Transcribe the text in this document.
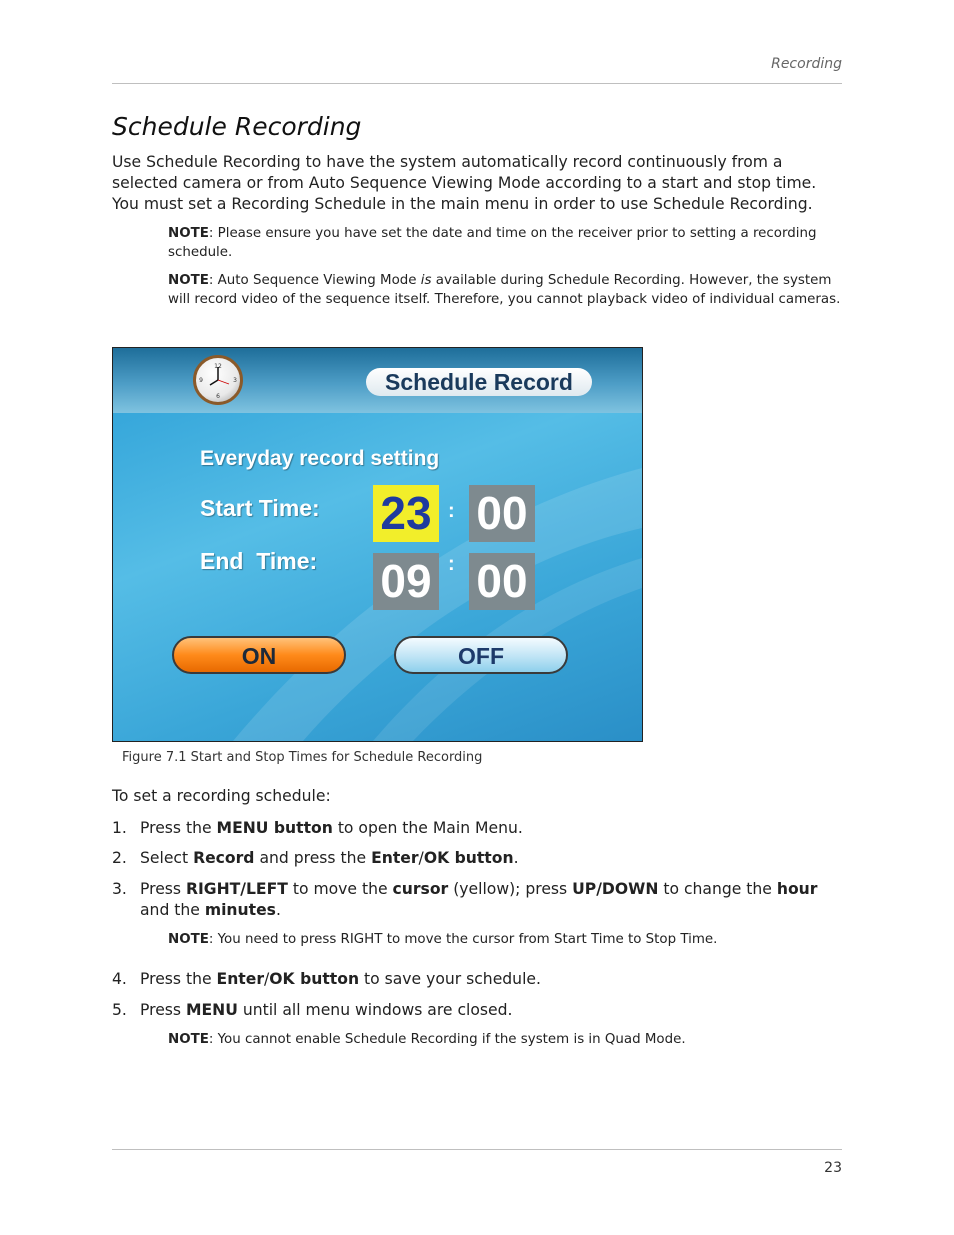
Recording
Schedule Recording
Use Schedule Recording to have the system automatically record continuously from a selected camera or from Auto Sequence Viewing Mode according to a start and stop time. You must set a Recording Schedule in the main menu in order to use Schedule Recording.
NOTE: Please ensure you have set the date and time on the receiver prior to setting a recording schedule.
NOTE: Auto Sequence Viewing Mode is available during Schedule Recording. However, the system will record video of the sequence itself. Therefore, you cannot playback video of individual cameras.
12
3
6
9	Schedule Record
Everyday record setting
Start Time:
End  Time:
23 : 00
09 : 00
ON	OFF
Figure 7.1 Start and Stop Times for Schedule Recording
To set a recording schedule:
1. Press the MENU button to open the Main Menu.
2. Select Record and press the Enter/OK button.
3. Press RIGHT/LEFT to move the cursor (yellow); press UP/DOWN to change the hour and the minutes.
NOTE: You need to press RIGHT to move the cursor from Start Time to Stop Time.
4. Press the Enter/OK button to save your schedule.
5. Press MENU until all menu windows are closed.
NOTE: You cannot enable Schedule Recording if the system is in Quad Mode.
23
